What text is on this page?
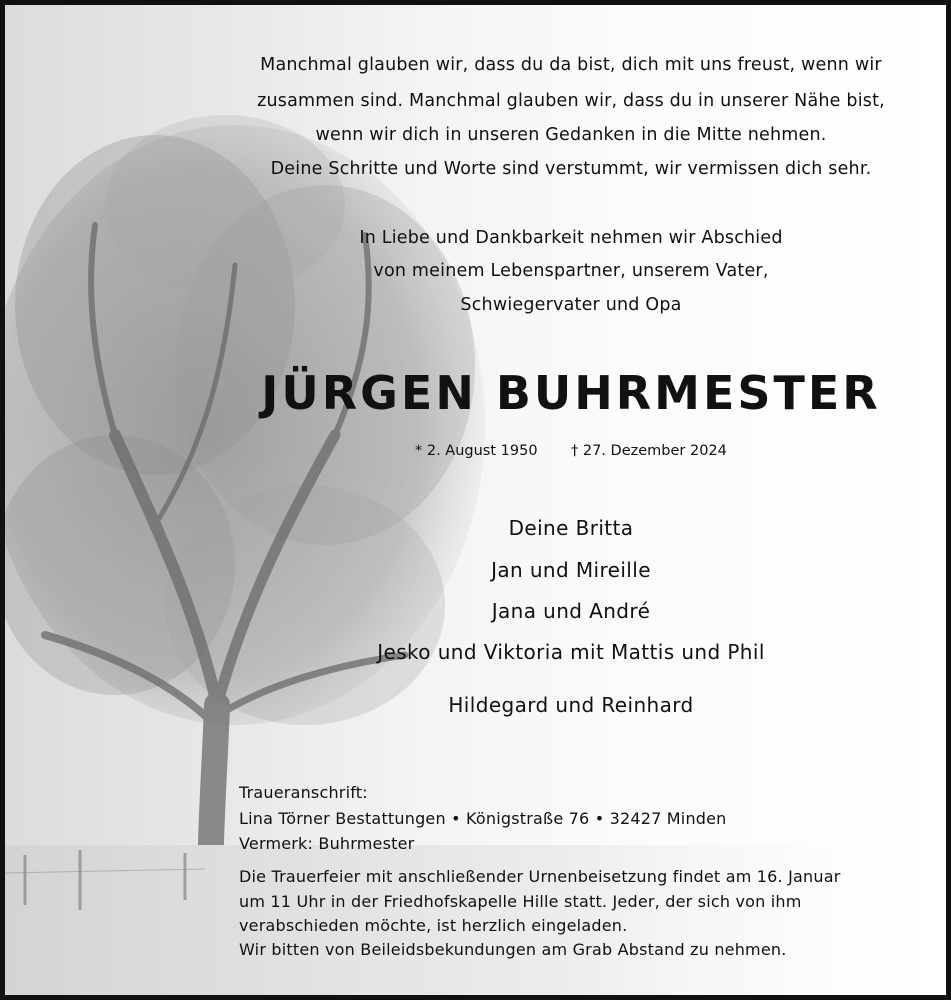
Manchmal glauben wir, dass du da bist, dich mit uns freust, wenn wir
zusammen sind. Manchmal glauben wir, dass du in unserer Nähe bist,
wenn wir dich in unseren Gedanken in die Mitte nehmen.
Deine Schritte und Worte sind verstummt, wir vermissen dich sehr.
In Liebe und Dankbarkeit nehmen wir Abschied
von meinem Lebenspartner, unserem Vater,
Schwiegervater und Opa
JÜRGEN BUHRMESTER
* 2. August 1950 † 27. Dezember 2024
Deine Britta
Jan und Mireille
Jana und André
Jesko und Viktoria mit Mattis und Phil
Hildegard und Reinhard
Traueranschrift:
Lina Törner Bestattungen • Königstraße 76 • 32427 Minden
Vermerk: Buhrmester
Die Trauerfeier mit anschließender Urnenbeisetzung findet am 16. Januar
um 11 Uhr in der Friedhofskapelle Hille statt. Jeder, der sich von ihm
verabschieden möchte, ist herzlich eingeladen.
Wir bitten von Beileidsbekundungen am Grab Abstand zu nehmen.
